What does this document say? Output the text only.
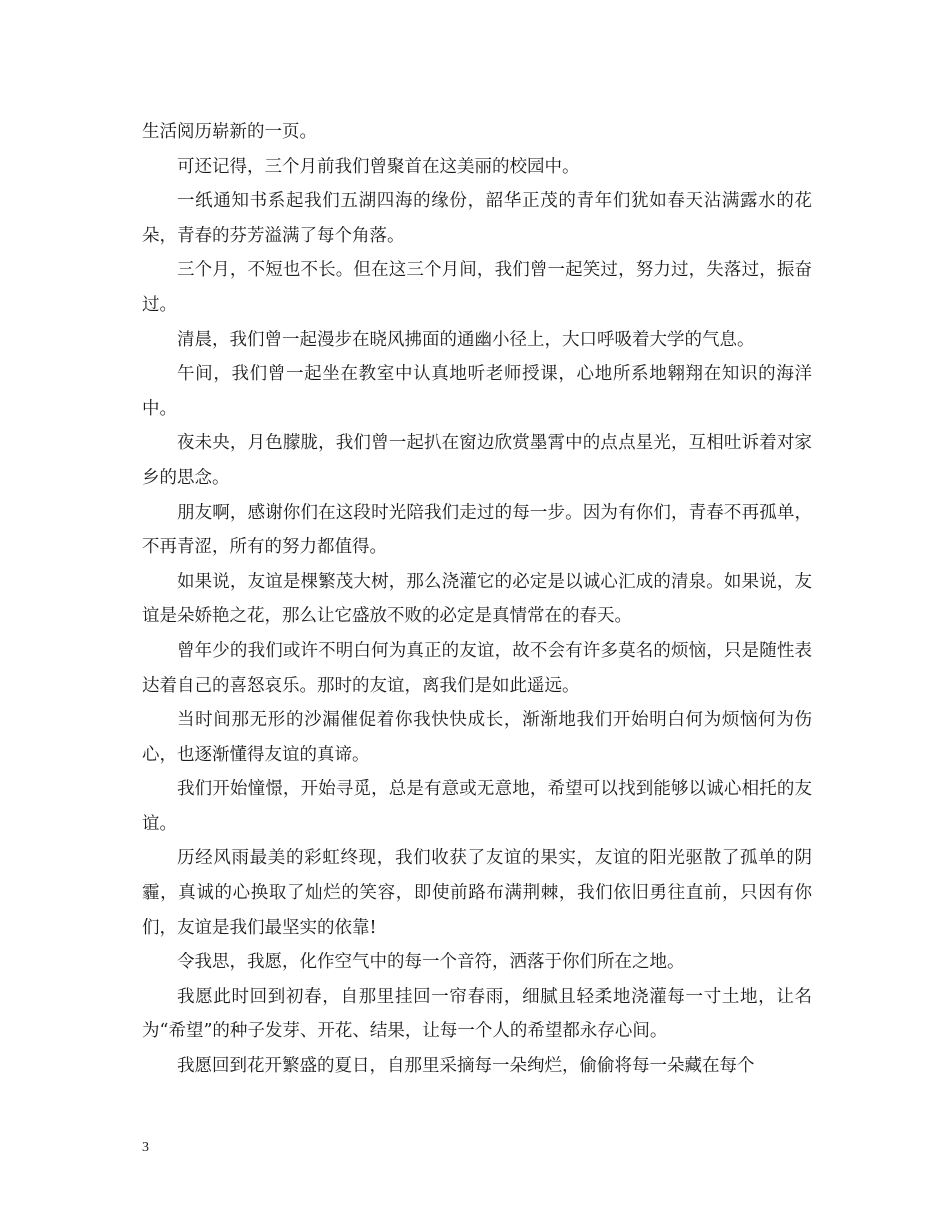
生活阅历崭新的一页。

可还记得，三个月前我们曾聚首在这美丽的校园中。

一纸通知书系起我们五湖四海的缘份，韶华正茂的青年们犹如春天沾满露水的花朵，青春的芬芳溢满了每个角落。

三个月，不短也不长。但在这三个月间，我们曾一起笑过，努力过，失落过，振奋过。

清晨，我们曾一起漫步在晓风拂面的通幽小径上，大口呼吸着大学的气息。

午间，我们曾一起坐在教室中认真地听老师授课，心地所系地翱翔在知识的海洋中。

夜未央，月色朦胧，我们曾一起扒在窗边欣赏墨霄中的点点星光，互相吐诉着对家乡的思念。

朋友啊，感谢你们在这段时光陪我们走过的每一步。因为有你们，青春不再孤单，不再青涩，所有的努力都值得。

如果说，友谊是棵繁茂大树，那么浇灌它的必定是以诚心汇成的清泉。如果说，友谊是朵娇艳之花，那么让它盛放不败的必定是真情常在的春天。

曾年少的我们或许不明白何为真正的友谊，故不会有许多莫名的烦恼，只是随性表达着自己的喜怒哀乐。那时的友谊，离我们是如此遥远。

当时间那无形的沙漏催促着你我快快成长，渐渐地我们开始明白何为烦恼何为伤心，也逐渐懂得友谊的真谛。

我们开始憧憬，开始寻觅，总是有意或无意地，希望可以找到能够以诚心相托的友谊。

历经风雨最美的彩虹终现，我们收获了友谊的果实，友谊的阳光驱散了孤单的阴霾，真诚的心换取了灿烂的笑容，即使前路布满荆棘，我们依旧勇往直前，只因有你们，友谊是我们最坚实的依靠!

令我思，我愿，化作空气中的每一个音符，洒落于你们所在之地。

我愿此时回到初春，自那里挂回一帘春雨，细腻且轻柔地浇灌每一寸土地，让名为“希望”的种子发芽、开花、结果，让每一个人的希望都永存心间。

我愿回到花开繁盛的夏日，自那里采摘每一朵绚烂，偷偷将每一朵藏在每个

3
